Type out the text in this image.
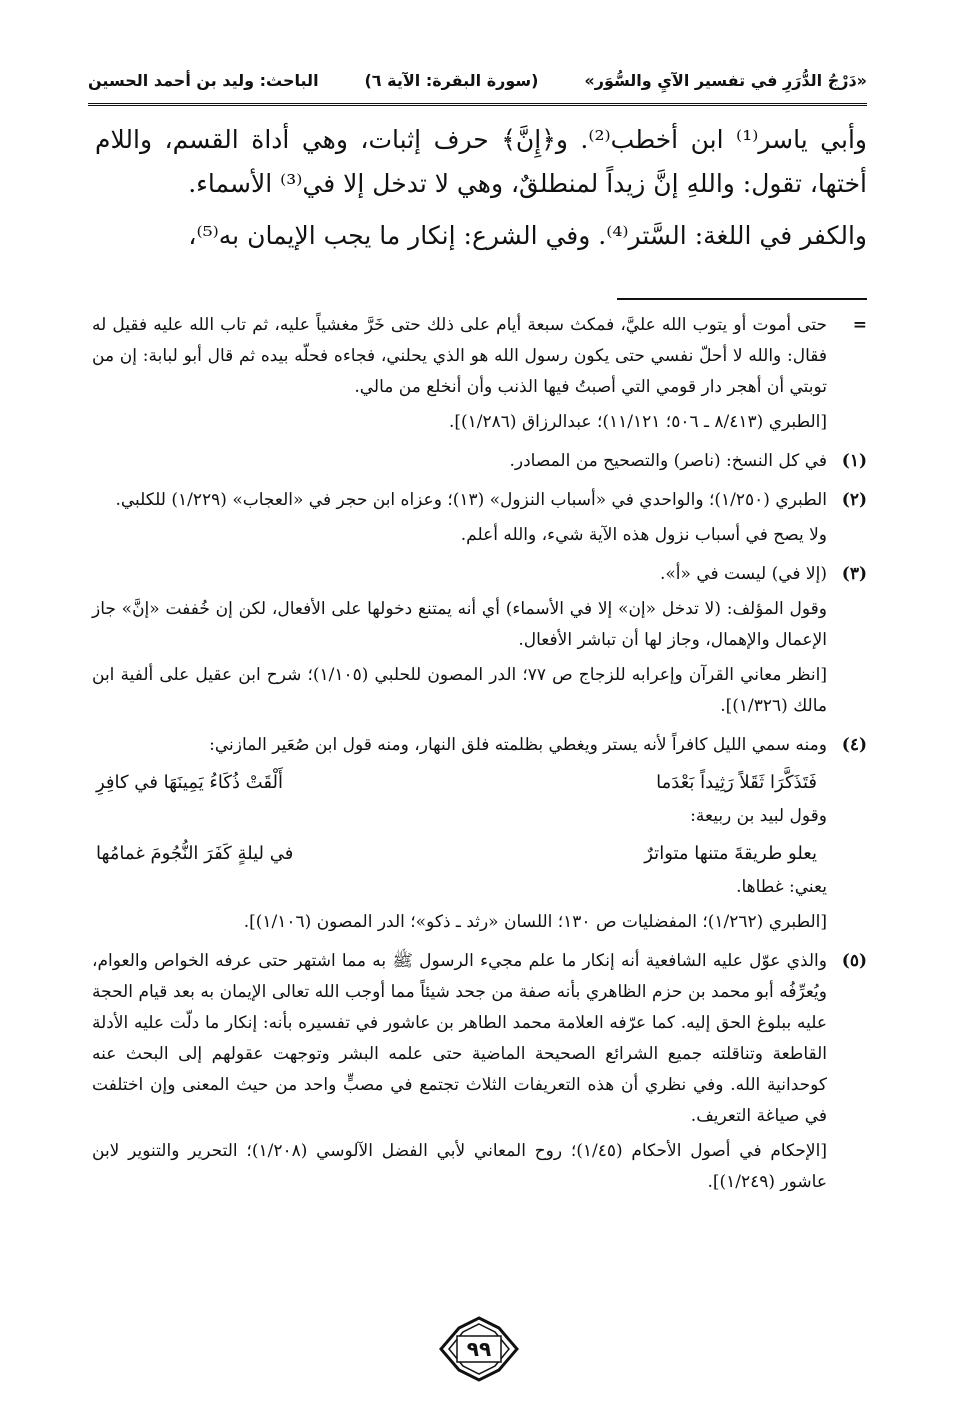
«دَرْجُ الدُّرَرِ في تفسير الآيِ والسُّوَر»
(سورة البقرة: الآية ٦)
الباحث: وليد بن أحمد الحسين

وأبي ياسر⁽¹⁾ ابن أخطب⁽²⁾. و﴿إِنَّ﴾ حرف إثبات، وهي أداة القسم، واللام أختها، تقول: واللهِ إنَّ زيداً لمنطلقٌ، وهي لا تدخل إلا في⁽³⁾ الأسماء.

والكفر في اللغة: السَّتر⁽⁴⁾. وفي الشرع: إنكار ما يجب الإيمان به⁽⁵⁾،

=

حتى أموت أو يتوب الله عليَّ، فمكث سبعة أيام على ذلك حتى خَرَّ مغشياً عليه، ثم تاب الله عليه فقيل له فقال: والله لا أحلّ نفسي حتى يكون رسول الله هو الذي يحلني، فجاءه فحلّه بيده ثم قال أبو لبابة: إن من توبتي أن أهجر دار قومي التي أصبتُ فيها الذنب وأن أنخلع من مالي.

[الطبري (٨/٤١٣ ـ ٥٠٦؛ ١١/١٢١)؛ عبدالرزاق (١/٢٨٦)].

(١)

في كل النسخ: (ناصر) والتصحيح من المصادر.

(٢)

الطبري (١/٢٥٠)؛ والواحدي في «أسباب النزول» (١٣)؛ وعزاه ابن حجر في «العجاب» (١/٢٢٩) للكلبي.

ولا يصح في أسباب نزول هذه الآية شيء، والله أعلم.

(٣)

(إلا في) ليست في «أ».

وقول المؤلف: (لا تدخل «إن» إلا في الأسماء) أي أنه يمتنع دخولها على الأفعال، لكن إن خُففت «إنَّ» جاز الإعمال والإهمال، وجاز لها أن تباشر الأفعال.

[انظر معاني القرآن وإعرابه للزجاج ص ٧٧؛ الدر المصون للحلبي (١/١٠٥)؛ شرح ابن عقيل على ألفية ابن مالك (١/٣٢٦)].

(٤)

ومنه سمي الليل كافراً لأنه يستر ويغطي بظلمته فلق النهار، ومنه قول ابن صُعَير المازني:

فَتَذَكَّرَا ثَقَلاً رَثِيداً بَعْدَما
أَلْقَتْ ذُكَاءُ يَمِينَهَا في كافِرِ

وقول لبيد بن ربيعة:

يعلو طريقةَ متنها متواترٌ
في ليلةٍ كَفَرَ النُّجُومَ غمامُها

يعني: غطاها.

[الطبري (١/٢٦٢)؛ المفضليات ص ١٣٠؛ اللسان «رثد ـ ذكو»؛ الدر المصون (١/١٠٦)].

(٥)

والذي عوّل عليه الشافعية أنه إنكار ما علم مجيء الرسول ﷺ به مما اشتهر حتى عرفه الخواص والعوام، ويُعرِّفُه أبو محمد بن حزم الظاهري بأنه صفة من جحد شيئاً مما أوجب الله تعالى الإيمان به بعد قيام الحجة عليه ببلوغ الحق إليه. كما عرّفه العلامة محمد الطاهر بن عاشور في تفسيره بأنه: إنكار ما دلّت عليه الأدلة القاطعة وتناقلته جميع الشرائع الصحيحة الماضية حتى علمه البشر وتوجهت عقولهم إلى البحث عنه كوحدانية الله. وفي نظري أن هذه التعريفات الثلاث تجتمع في مصبٍّ واحد من حيث المعنى وإن اختلفت في صياغة التعريف.

[الإحكام في أصول الأحكام (١/٤٥)؛ روح المعاني لأبي الفضل الآلوسي (١/٢٠٨)؛ التحرير والتنوير لابن عاشور (١/٢٤٩)].

٩٩
